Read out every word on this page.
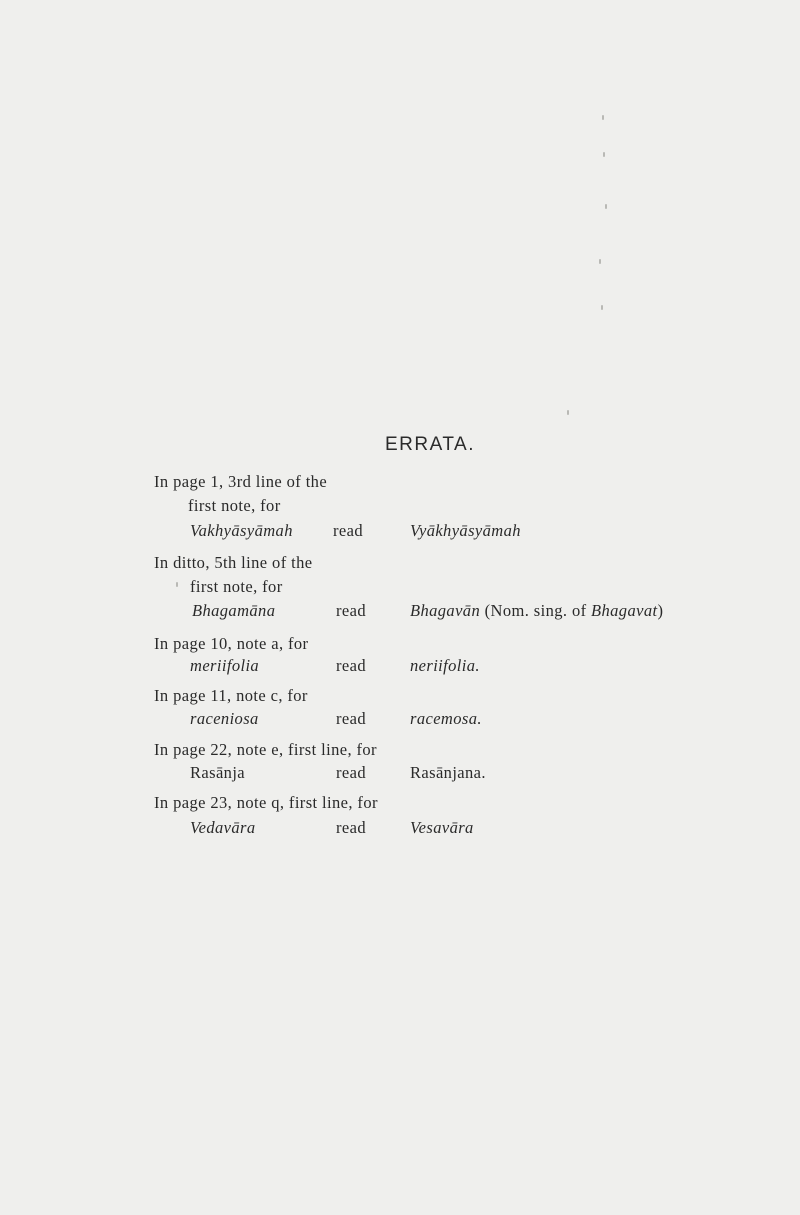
ERRATA.
In page 1, 3rd line of the
first note, for
Vakhyāsyāmah read	Vyākhyāsyāmah
In ditto, 5th line of the
first note, for
Bhagamāna	read	Bhagavān (Nom. sing. of Bhagavat)
In page 10, note a, for
meriifolia	read	neriifolia.
In page 11, note c, for
raceniosa	read	racemosa.
In page 22, note e, first line, for
Rasānja	read	Rasānjana.
In page 23, note q, first line, for
Vedavāra	read	Vesavāra
